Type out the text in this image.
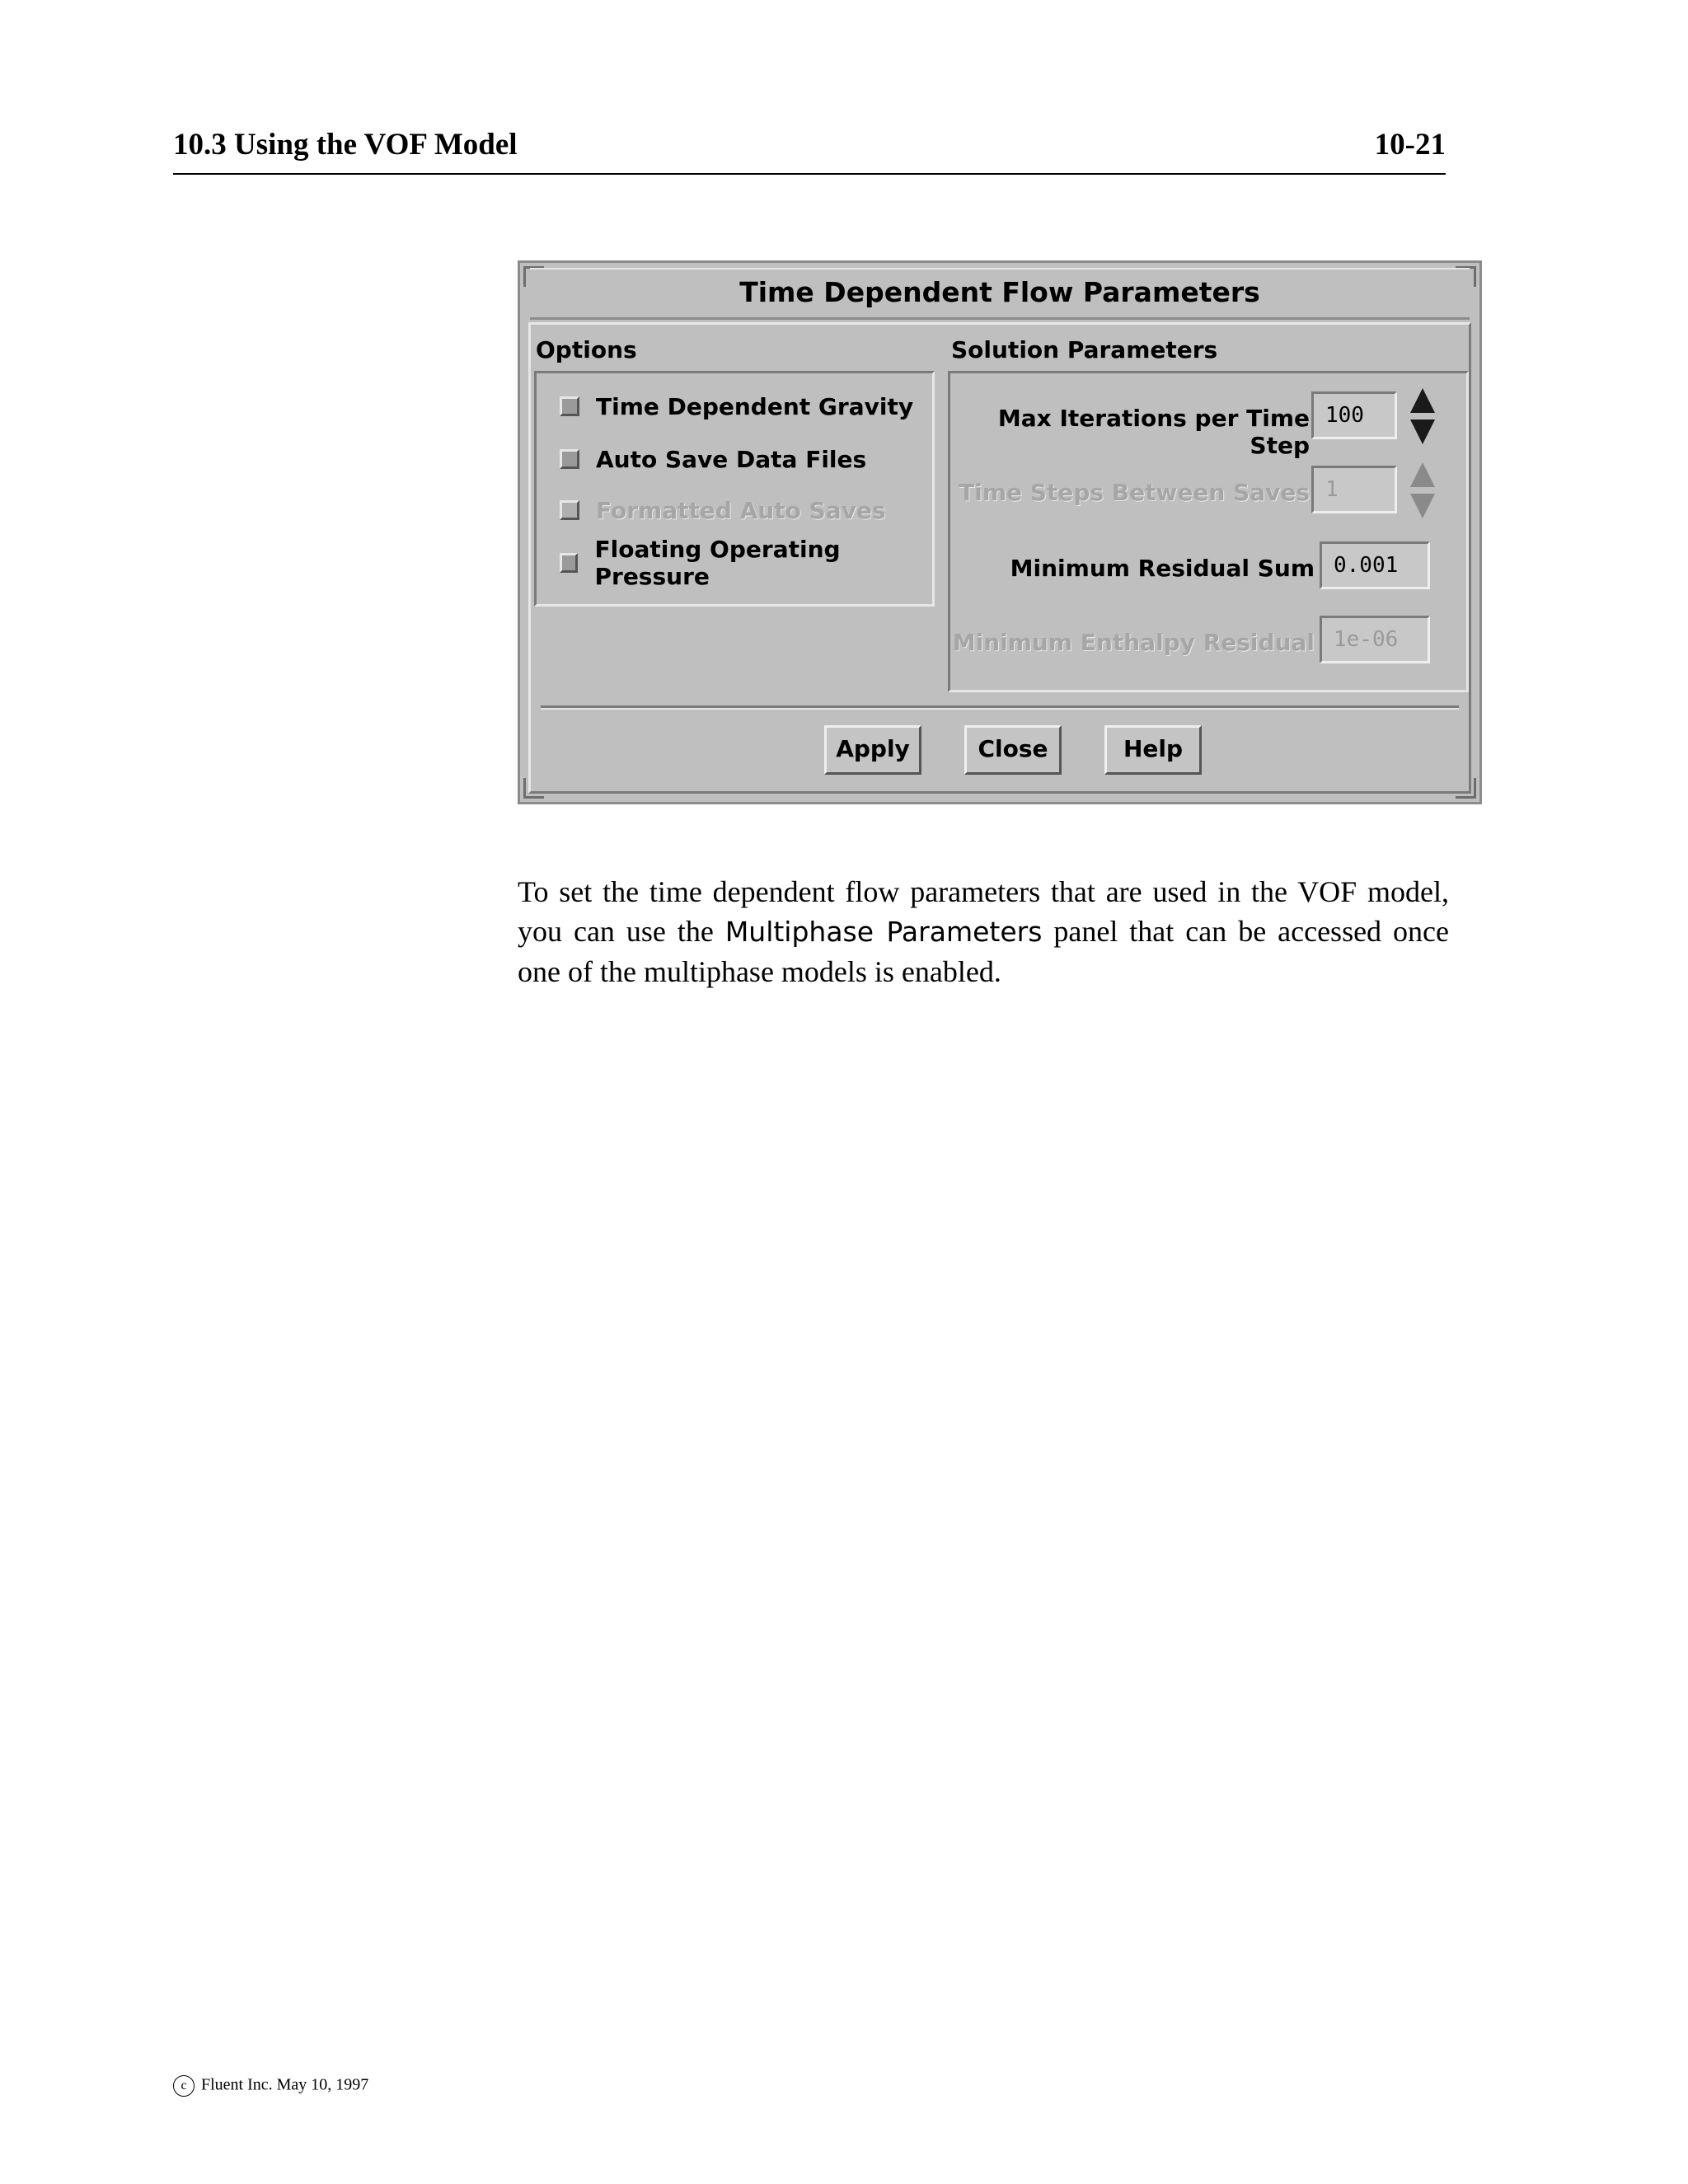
10.3 Using the VOF Model	10-21
Time Dependent Flow Parameters
Options
Time Dependent Gravity
Auto Save Data Files
Formatted Auto Saves
Floating Operating Pressure
Solution Parameters
Max Iterations per Time Step
100
Time Steps Between Saves 1
Minimum Residual Sum 0.001
Minimum Enthalpy Residual 1e-06
Apply	Close	Help
To set the time dependent flow parameters that are used in the VOF model, you can use the Multiphase Parameters panel that can be accessed once one of the multiphase models is enabled.
c Fluent Inc. May 10, 1997
